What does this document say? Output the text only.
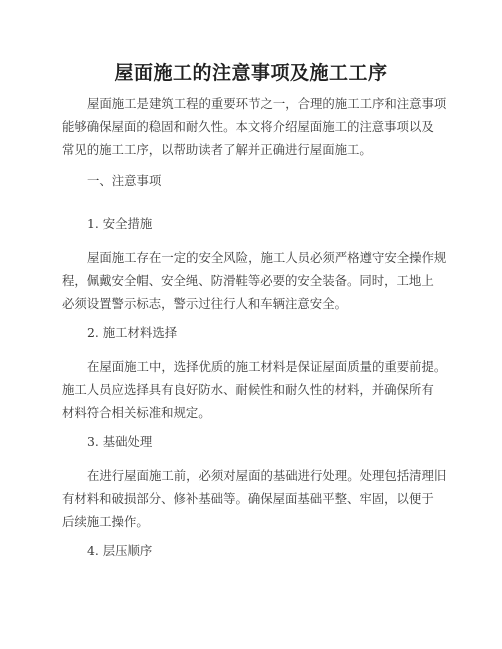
屋面施工的注意事项及施工工序

屋面施工是建筑工程的重要环节之一，合理的施工工序和注意事项
能够确保屋面的稳固和耐久性。本文将介绍屋面施工的注意事项以及
常见的施工工序，以帮助读者了解并正确进行屋面施工。

一、注意事项
1. 安全措施

屋面施工存在一定的安全风险，施工人员必须严格遵守安全操作规
程，佩戴安全帽、安全绳、防滑鞋等必要的安全装备。同时，工地上
必须设置警示标志，警示过往行人和车辆注意安全。

2. 施工材料选择

在屋面施工中，选择优质的施工材料是保证屋面质量的重要前提。
施工人员应选择具有良好防水、耐候性和耐久性的材料，并确保所有
材料符合相关标准和规定。

3. 基础处理

在进行屋面施工前，必须对屋面的基础进行处理。处理包括清理旧
有材料和破损部分、修补基础等。确保屋面基础平整、牢固，以便于
后续施工操作。

4. 层压顺序
